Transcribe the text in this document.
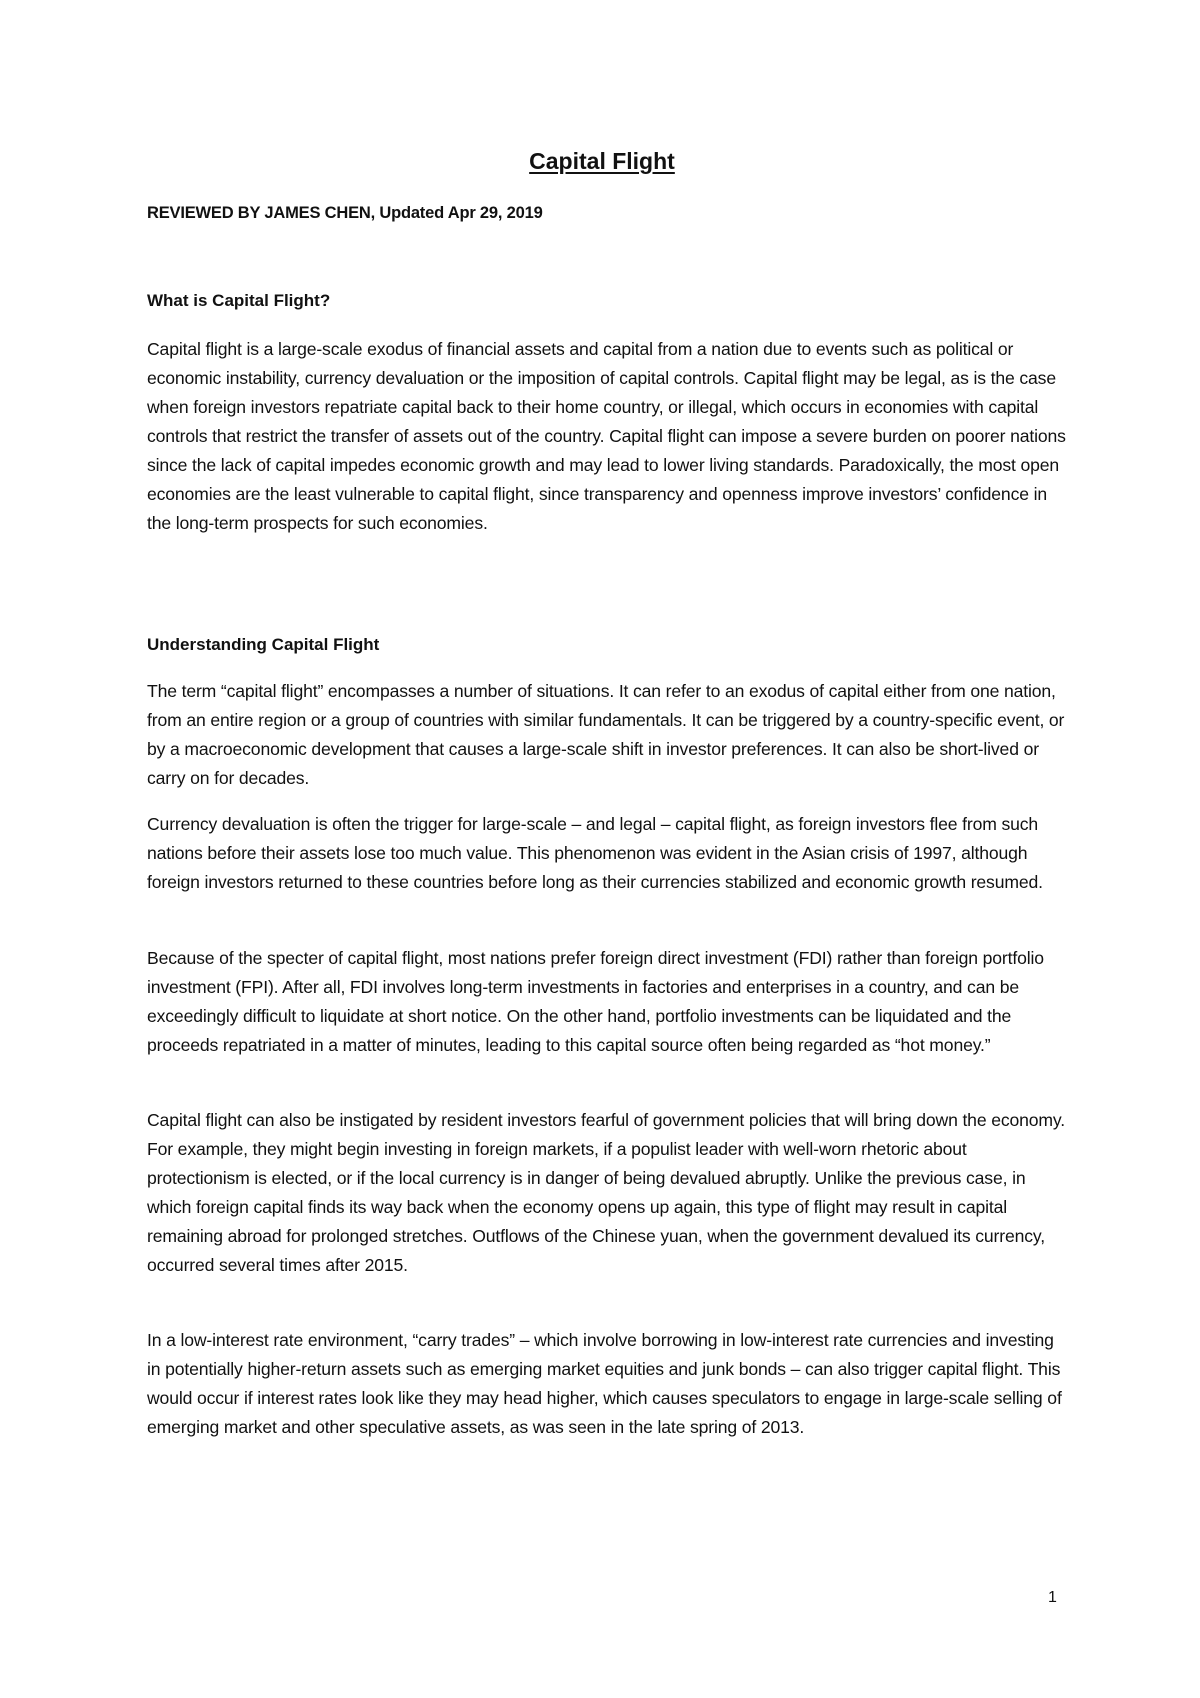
Capital Flight

REVIEWED BY JAMES CHEN, Updated Apr 29, 2019

What is Capital Flight?

Capital flight is a large-scale exodus of financial assets and capital from a nation due to events such as political or economic instability, currency devaluation or the imposition of capital controls. Capital flight may be legal, as is the case when foreign investors repatriate capital back to their home country, or illegal, which occurs in economies with capital controls that restrict the transfer of assets out of the country. Capital flight can impose a severe burden on poorer nations since the lack of capital impedes economic growth and may lead to lower living standards. Paradoxically, the most open economies are the least vulnerable to capital flight, since transparency and openness improve investors’ confidence in the long-term prospects for such economies.

Understanding Capital Flight

The term “capital flight” encompasses a number of situations. It can refer to an exodus of capital either from one nation, from an entire region or a group of countries with similar fundamentals. It can be triggered by a country-specific event, or by a macroeconomic development that causes a large-scale shift in investor preferences. It can also be short-lived or carry on for decades.

Currency devaluation is often the trigger for large-scale – and legal – capital flight, as foreign investors flee from such nations before their assets lose too much value. This phenomenon was evident in the Asian crisis of 1997, although foreign investors returned to these countries before long as their currencies stabilized and economic growth resumed.

Because of the specter of capital flight, most nations prefer foreign direct investment (FDI) rather than foreign portfolio investment (FPI). After all, FDI involves long-term investments in factories and enterprises in a country, and can be exceedingly difficult to liquidate at short notice. On the other hand, portfolio investments can be liquidated and the proceeds repatriated in a matter of minutes, leading to this capital source often being regarded as “hot money.”

Capital flight can also be instigated by resident investors fearful of government policies that will bring down the economy. For example, they might begin investing in foreign markets, if a populist leader with well-worn rhetoric about protectionism is elected, or if the local currency is in danger of being devalued abruptly. Unlike the previous case, in which foreign capital finds its way back when the economy opens up again, this type of flight may result in capital remaining abroad for prolonged stretches. Outflows of the Chinese yuan, when the government devalued its currency, occurred several times after 2015.

In a low-interest rate environment, “carry trades” – which involve borrowing in low-interest rate currencies and investing in potentially higher-return assets such as emerging market equities and junk bonds – can also trigger capital flight. This would occur if interest rates look like they may head higher, which causes speculators to engage in large-scale selling of emerging market and other speculative assets, as was seen in the late spring of 2013.

1
